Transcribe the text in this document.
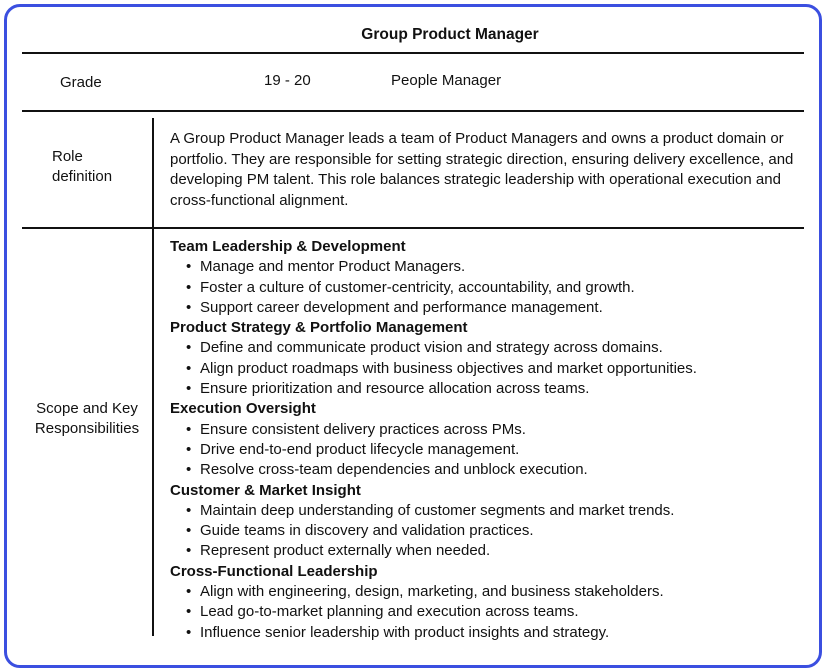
Group Product Manager
Grade	19 - 20	People Manager
Role
definition
A Group Product Manager leads a team of Product Managers and owns a product domain or portfolio. They are responsible for setting strategic direction, ensuring delivery excellence, and developing PM talent. This role balances strategic leadership with operational execution and cross-functional alignment.
Scope and Key
Responsibilities
Team Leadership & Development
• Manage and mentor Product Managers.
• Foster a culture of customer-centricity, accountability, and growth.
• Support career development and performance management.
Product Strategy & Portfolio Management
• Define and communicate product vision and strategy across domains.
• Align product roadmaps with business objectives and market opportunities.
• Ensure prioritization and resource allocation across teams.
Execution Oversight
• Ensure consistent delivery practices across PMs.
• Drive end-to-end product lifecycle management.
• Resolve cross-team dependencies and unblock execution.
Customer & Market Insight
• Maintain deep understanding of customer segments and market trends.
• Guide teams in discovery and validation practices.
• Represent product externally when needed.
Cross-Functional Leadership
• Align with engineering, design, marketing, and business stakeholders.
• Lead go-to-market planning and execution across teams.
• Influence senior leadership with product insights and strategy.
